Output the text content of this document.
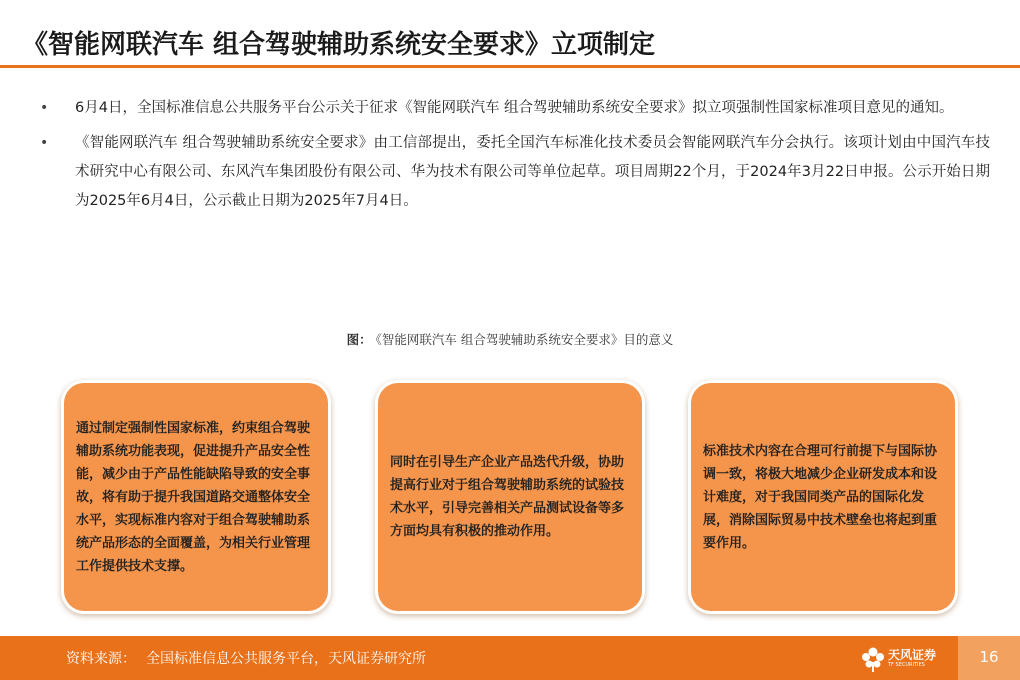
《智能网联汽车 组合驾驶辅助系统安全要求》立项制定
•	6月4日，全国标准信息公共服务平台公示关于征求《智能网联汽车 组合驾驶辅助系统安全要求》拟立项强制性国家标准项目意见的通知。
•	《智能网联汽车 组合驾驶辅助系统安全要求》由工信部提出，委托全国汽车标准化技术委员会智能网联汽车分会执行。该项计划由中国汽车技术研究中心有限公司、东风汽车集团股份有限公司、华为技术有限公司等单位起草。项目周期22个月，于2024年3月22日申报。公示开始日期为2025年6月4日，公示截止日期为2025年7月4日。
图： 《智能网联汽车 组合驾驶辅助系统安全要求》目的意义
通过制定强制性国家标准，约束组合驾驶辅助系统功能表现，促进提升产品安全性能，减少由于产品性能缺陷导致的安全事故，将有助于提升我国道路交通整体安全水平，实现标准内容对于组合驾驶辅助系统产品形态的全面覆盖，为相关行业管理工作提供技术支撑。
同时在引导生产企业产品迭代升级，协助提高行业对于组合驾驶辅助系统的试验技术水平，引导完善相关产品测试设备等多方面均具有积极的推动作用。
标准技术内容在合理可行前提下与国际协调一致，将极大地减少企业研发成本和设计难度，对于我国同类产品的国际化发展，消除国际贸易中技术壁垒也将起到重要作用。
资料来源： 全国标准信息公共服务平台，天风证券研究所	天风证券
TF SECURITIES	16
